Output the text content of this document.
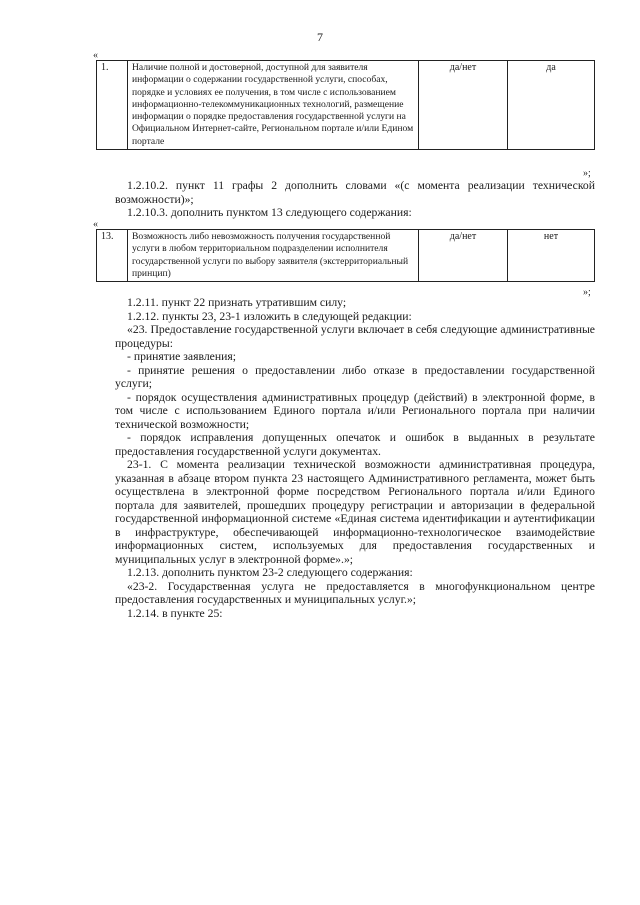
7
«
1.	Наличие полной и достоверной, доступной для заявителя информации о содержании государственной услуги, способах, порядке и условиях ее получения, в том числе с использованием информационно-телекоммуникационных технологий, размещение информации о порядке предоставления государственной услуги на Официальном Интернет-сайте, Региональном портале и/или Едином портале	да/нет	да
»;

1.2.10.2. пункт 11 графы 2 дополнить словами «(с момента реализации технической возможности)»;

1.2.10.3. дополнить пунктом 13 следующего содержания:

«
13.	Возможность либо невозможность получения государственной услуги в любом территориальном подразделении исполнителя государственной услуги по выбору заявителя (экстерриториальный принцип)	да/нет	нет
»;

1.2.11. пункт 22 признать утратившим силу;

1.2.12. пункты 23, 23-1 изложить в следующей редакции:

«23. Предоставление государственной услуги включает в себя следующие административные процедуры:

- принятие заявления;

- принятие решения о предоставлении либо отказе в предоставлении государственной услуги;

- порядок осуществления административных процедур (действий) в электронной форме, в том числе с использованием Единого портала и/или Регионального портала при наличии технической возможности;

- порядок исправления допущенных опечаток и ошибок в выданных в результате предоставления государственной услуги документах.

23-1. С момента реализации технической возможности административная процедура, указанная в абзаце втором пункта 23 настоящего Административного регламента, может быть осуществлена в электронной форме посредством Регионального портала и/или Единого портала для заявителей, прошедших процедуру регистрации и авторизации в федеральной государственной информационной системе «Единая система идентификации и аутентификации в инфраструктуре, обеспечивающей информационно-технологическое взаимодействие информационных систем, используемых для предоставления государственных и муниципальных услуг в электронной форме».»;

1.2.13. дополнить пунктом 23-2 следующего содержания:

«23-2. Государственная услуга не предоставляется в многофункциональном центре предоставления государственных и муниципальных услуг.»;

1.2.14. в пункте 25:
